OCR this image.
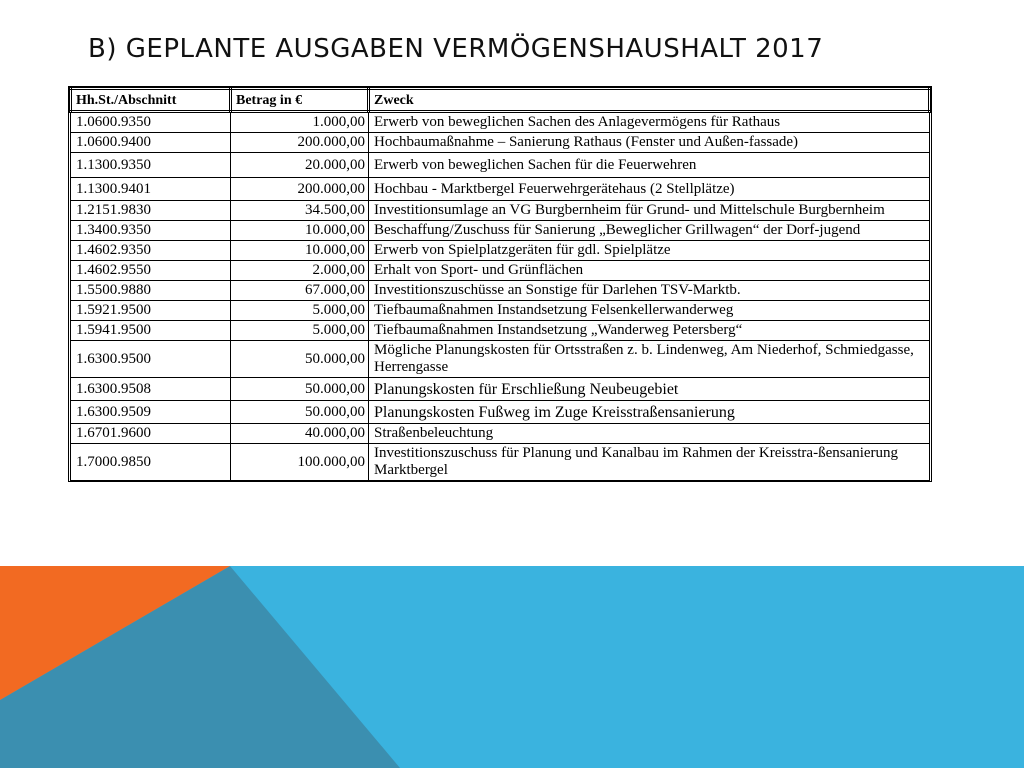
B) GEPLANTE AUSGABEN VERMÖGENSHAUSHALT 2017
Hh.St./Abschnitt	Betrag in €	Zweck
1.0600.9350	1.000,00	Erwerb von beweglichen Sachen des Anlagevermögens für Rathaus
1.0600.9400	200.000,00	Hochbaumaßnahme – Sanierung Rathaus (Fenster und Außen-fassade)
1.1300.9350	20.000,00	Erwerb von beweglichen Sachen für die Feuerwehren
1.1300.9401	200.000,00	Hochbau - Marktbergel Feuerwehrgerätehaus (2 Stellplätze)
1.2151.9830	34.500,00	Investitionsumlage an VG Burgbernheim für Grund- und Mittelschule Burgbernheim
1.3400.9350	10.000,00	Beschaffung/Zuschuss für Sanierung „Beweglicher Grillwagen“ der Dorf-jugend
1.4602.9350	10.000,00	Erwerb von Spielplatzgeräten für gdl. Spielplätze
1.4602.9550	2.000,00	Erhalt von Sport- und Grünflächen
1.5500.9880	67.000,00	Investitionszuschüsse an Sonstige für Darlehen TSV-Marktb.
1.5921.9500	5.000,00	Tiefbaumaßnahmen Instandsetzung Felsenkellerwanderweg
1.5941.9500	5.000,00	Tiefbaumaßnahmen Instandsetzung „Wanderweg Petersberg“
1.6300.9500	50.000,00	Mögliche Planungskosten für Ortsstraßen z. b. Lindenweg, Am Niederhof, Schmiedgasse, Herrengasse
1.6300.9508	50.000,00	Planungskosten für Erschließung Neubeugebiet
1.6300.9509	50.000,00	Planungskosten Fußweg im Zuge Kreisstraßensanierung
1.6701.9600	40.000,00	Straßenbeleuchtung
1.7000.9850	100.000,00	Investitionszuschuss für Planung und Kanalbau im Rahmen der Kreisstra-ßensanierung Marktbergel
